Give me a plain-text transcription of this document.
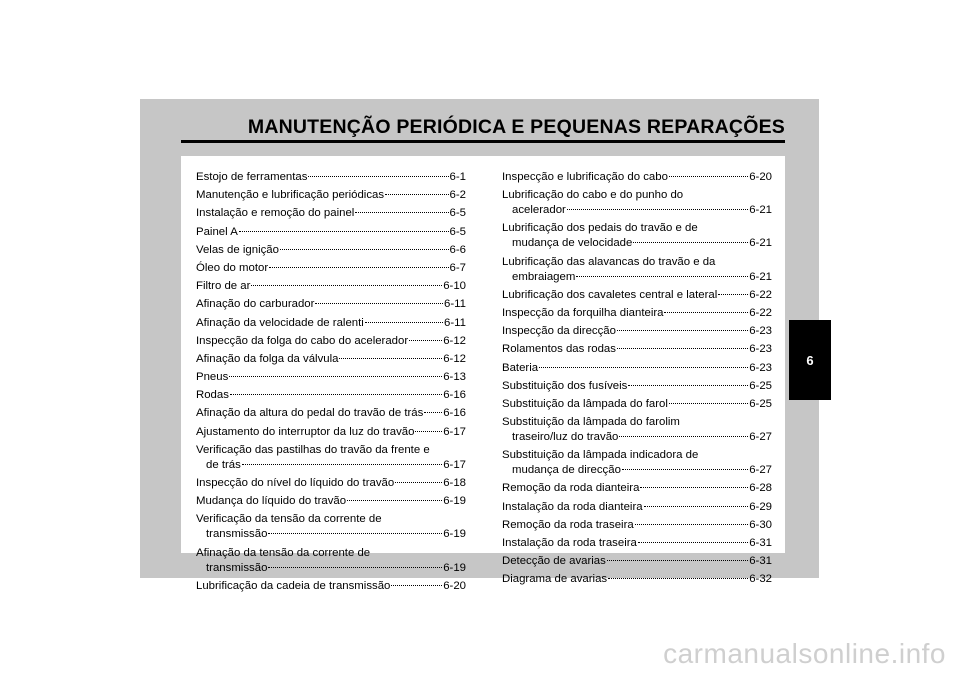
MANUTENÇÃO PERIÓDICA E PEQUENAS REPARAÇÕES
Estojo de ferramentas	6-1
Manutenção e lubrificação periódicas	6-2
Instalação e remoção do painel	6-5
Painel A	6-5
Velas de ignição	6-6
Óleo do motor	6-7
Filtro de ar	6-10
Afinação do carburador	6-11
Afinação da velocidade de ralenti	6-11
Inspecção da folga do cabo do acelerador	6-12
Afinação da folga da válvula	6-12
Pneus	6-13
Rodas	6-16
Afinação da altura do pedal do travão de trás 6-16
Ajustamento do interruptor da luz do travão	6-17
Verificação das pastilhas do travão da frente e
de trás	6-17
Inspecção do nível do líquido do travão	6-18
Mudança do líquido do travão	6-19
Verificação da tensão da corrente de
transmissão	6-19
Afinação da tensão da corrente de
transmissão	6-19
Lubrificação da cadeia de transmissão	6-20
Inspecção e lubrificação do cabo	6-20
Lubrificação do cabo e do punho do
acelerador	6-21
Lubrificação dos pedais do travão e de
mudança de velocidade	6-21
Lubrificação das alavancas do travão e da
embraiagem	6-21
Lubrificação dos cavaletes central e lateral	6-22
Inspecção da forquilha dianteira	6-22
Inspecção da direcção	6-23
Rolamentos das rodas	6-23
Bateria	6-23
Substituição dos fusíveis	6-25
Substituição da lâmpada do farol	6-25
Substituição da lâmpada do farolim
traseiro/luz do travão	6-27
Substituição da lâmpada indicadora de
mudança de direcção	6-27
Remoção da roda dianteira	6-28
Instalação da roda dianteira	6-29
Remoção da roda traseira	6-30
Instalação da roda traseira	6-31
Detecção de avarias	6-31
Diagrama de avarias	6-32
6
carmanualsonline.info
